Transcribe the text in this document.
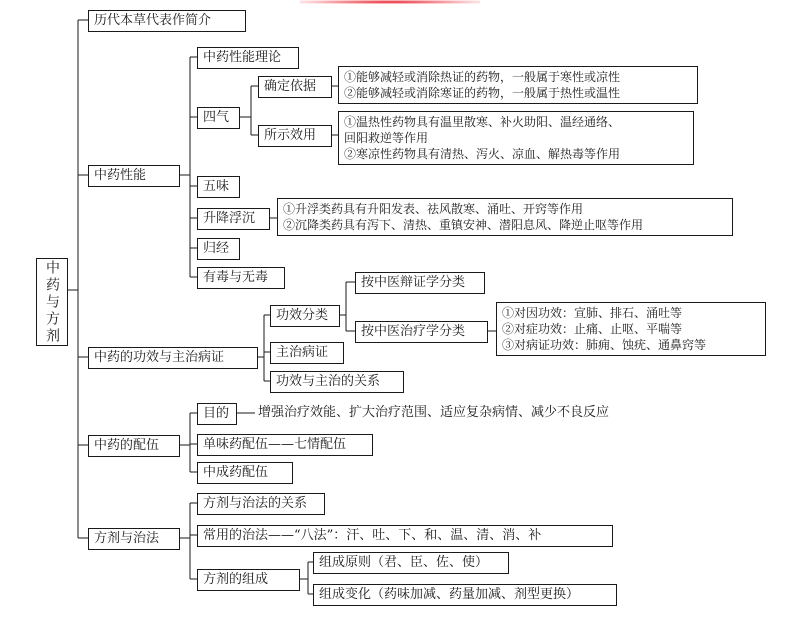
中药与方剂
历代本草代表作简介
中药性能
中药的功效与主治病证
中药的配伍
方剂与治法
中药性能理论
四气
确定依据
①能够减轻或消除热证的药物，一般属于寒性或凉性
②能够减轻或消除寒证的药物，一般属于热性或温性
所示效用
①温热性药物具有温里散寒、补火助阳、温经通络、
回阳救逆等作用
②寒凉性药物具有清热、泻火、凉血、解热毒等作用
五味
升降浮沉
①升浮类药具有升阳发表、祛风散寒、涌吐、开窍等作用
②沉降类药具有泻下、清热、重镇安神、潜阳息风、降逆止呕等作用
归经
有毒与无毒
功效分类
按中医辩证学分类
按中医治疗学分类
①对因功效：宣肺、排石、涌吐等
②对症功效：止痛、止呕、平喘等
③对病证功效：肺痈、蚀疣、通鼻窍等
主治病证
功效与主治的关系
目的	增强治疗效能、扩大治疗范围、适应复杂病情、减少不良反应
单味药配伍——七情配伍
中成药配伍
方剂与治法的关系
常用的治法——“八法”：汗、吐、下、和、温、清、消、补
方剂的组成
组成原则（君、臣、佐、使）
组成变化（药味加减、药量加减、剂型更换）
